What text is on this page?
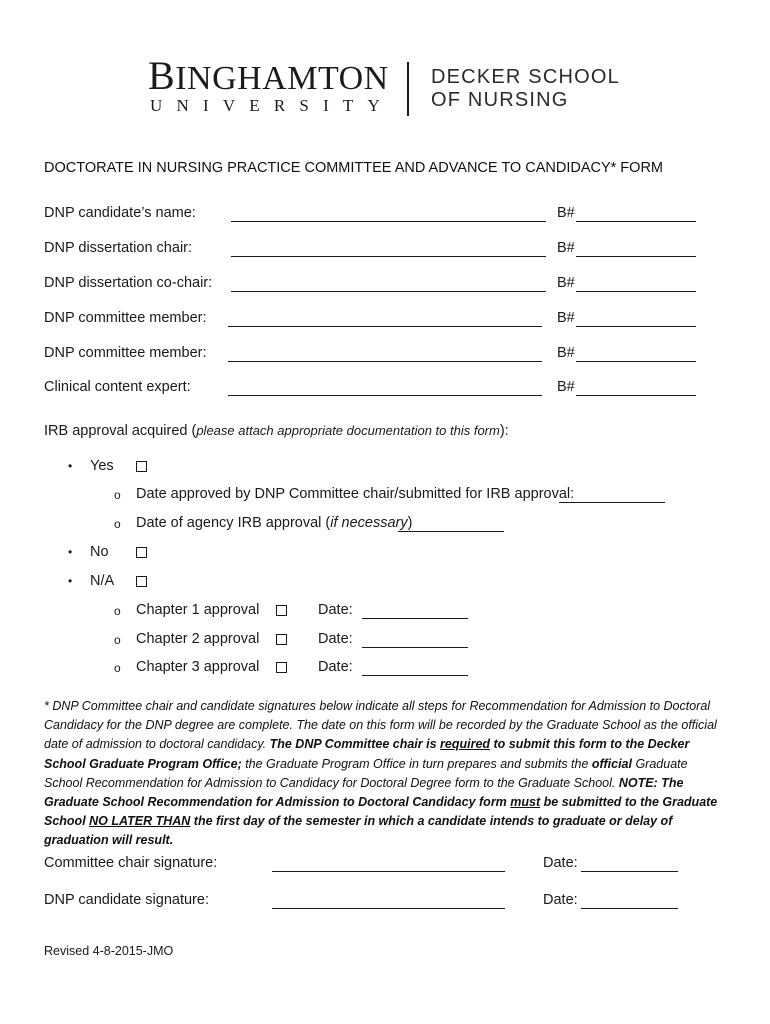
BINGHAMTON
UNIVERSITY
DECKER SCHOOL
OF NURSING
DOCTORATE IN NURSING PRACTICE COMMITTEE AND ADVANCE TO CANDIDACY* FORM
DNP candidate’s name:	B#
DNP dissertation chair:	B#
DNP dissertation co-chair:	B#
DNP committee member:	B#
DNP committee member:	B#
Clinical content expert:	B#
IRB approval acquired (please attach appropriate documentation to this form):
• Yes
o Date approved by DNP Committee chair/submitted for IRB approval:
o Date of agency IRB approval (if necessary)
• No
• N/A
o Chapter 1 approval	Date:
o Chapter 2 approval	Date:
o Chapter 3 approval	Date:
* DNP Committee chair and candidate signatures below indicate all steps for Recommendation for Admission to Doctoral Candidacy for the DNP degree are complete. The date on this form will be recorded by the Graduate School as the official date of admission to doctoral candidacy. The DNP Committee chair is required to submit this form to the Decker School Graduate Program Office; the Graduate Program Office in turn prepares and submits the official Graduate School Recommendation for Admission to Candidacy for Doctoral Degree form to the Graduate School. NOTE: The Graduate School Recommendation for Admission to Doctoral Candidacy form must be submitted to the Graduate School NO LATER THAN the first day of the semester in which a candidate intends to graduate or delay of graduation will result.
Committee chair signature:	Date:
DNP candidate signature:	Date:
Revised 4-8-2015-JMO
